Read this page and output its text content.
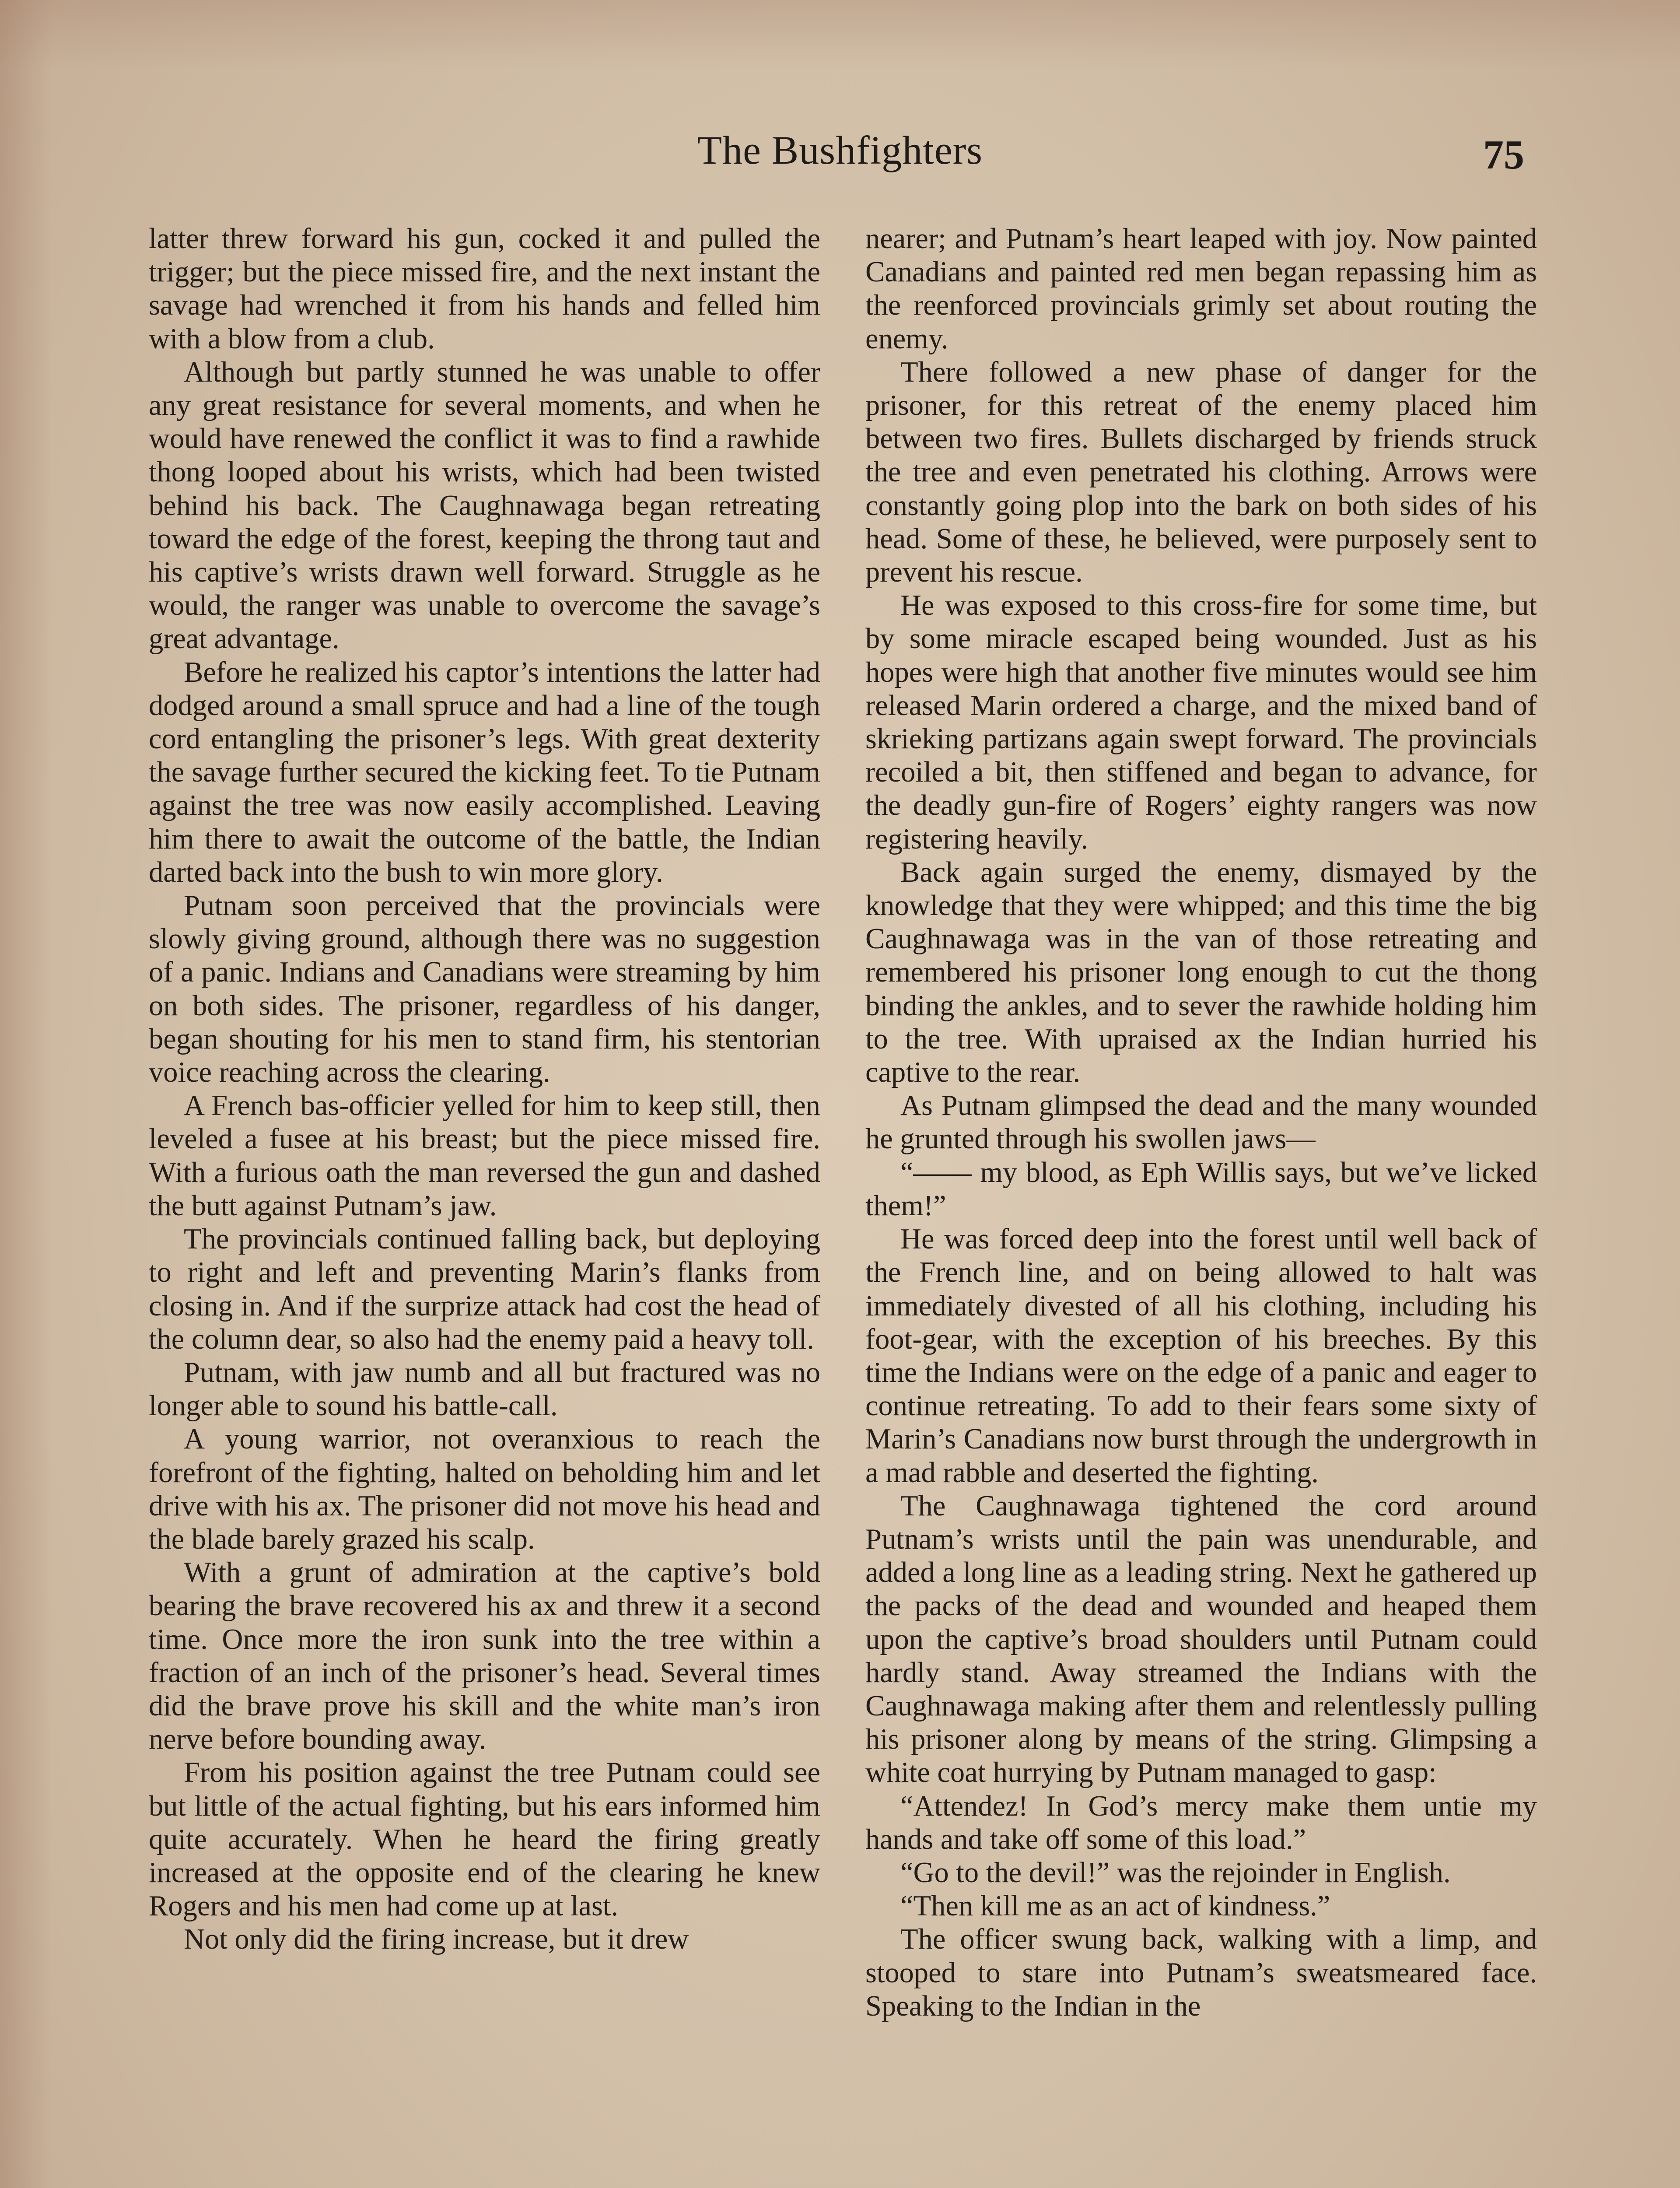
The Bushfighters	75

latter threw forward his gun, cocked it and pulled the trigger; but the piece missed fire, and the next instant the savage had wrenched it from his hands and felled him with a blow from a club.

Although but partly stunned he was unable to offer any great resistance for several moments, and when he would have renewed the conflict it was to find a rawhide thong looped about his wrists, which had been twisted behind his back. The Caughnawaga began retreating toward the edge of the forest, keeping the throng taut and his captive’s wrists drawn well forward. Struggle as he would, the ranger was unable to overcome the savage’s great advantage.

Before he realized his captor’s intentions the latter had dodged around a small spruce and had a line of the tough cord entangling the prisoner’s legs. With great dexterity the savage further secured the kicking feet. To tie Putnam against the tree was now easily accomplished. Leaving him there to await the outcome of the battle, the Indian darted back into the bush to win more glory.

Putnam soon perceived that the provincials were slowly giving ground, although there was no suggestion of a panic. Indians and Canadians were streaming by him on both sides. The prisoner, regardless of his danger, began shouting for his men to stand firm, his stentorian voice reaching across the clearing.

A French bas-officier yelled for him to keep still, then leveled a fusee at his breast; but the piece missed fire. With a furious oath the man reversed the gun and dashed the butt against Putnam’s jaw.

The provincials continued falling back, but deploying to right and left and preventing Marin’s flanks from closing in. And if the surprize attack had cost the head of the column dear, so also had the enemy paid a heavy toll.

Putnam, with jaw numb and all but fractured was no longer able to sound his battle-call.

A young warrior, not overanxious to reach the forefront of the fighting, halted on beholding him and let drive with his ax. The prisoner did not move his head and the blade barely grazed his scalp.

With a grunt of admiration at the captive’s bold bearing the brave recovered his ax and threw it a second time. Once more the iron sunk into the tree within a fraction of an inch of the prisoner’s head. Several times did the brave prove his skill and the white man’s iron nerve before bounding away.

From his position against the tree Putnam could see but little of the actual fighting, but his ears informed him quite accurately. When he heard the firing greatly increased at the opposite end of the clearing he knew Rogers and his men had come up at last.

Not only did the firing increase, but it drew

nearer; and Putnam’s heart leaped with joy. Now painted Canadians and painted red men began repassing him as the reenforced provincials grimly set about routing the enemy.

There followed a new phase of danger for the prisoner, for this retreat of the enemy placed him between two fires. Bullets discharged by friends struck the tree and even penetrated his clothing. Arrows were constantly going plop into the bark on both sides of his head. Some of these, he believed, were purposely sent to prevent his rescue.

He was exposed to this cross-fire for some time, but by some miracle escaped being wounded. Just as his hopes were high that another five minutes would see him released Marin ordered a charge, and the mixed band of skrieking partizans again swept forward. The provincials recoiled a bit, then stiffened and began to advance, for the deadly gun-fire of Rogers’ eighty rangers was now registering heavily.

Back again surged the enemy, dismayed by the knowledge that they were whipped; and this time the big Caughnawaga was in the van of those retreating and remembered his prisoner long enough to cut the thong binding the ankles, and to sever the rawhide holding him to the tree. With upraised ax the Indian hurried his captive to the rear.

As Putnam glimpsed the dead and the many wounded he grunted through his swollen jaws—

“—— my blood, as Eph Willis says, but we’ve licked them!”

He was forced deep into the forest until well back of the French line, and on being allowed to halt was immediately divested of all his clothing, including his foot-gear, with the exception of his breeches. By this time the Indians were on the edge of a panic and eager to continue retreating. To add to their fears some sixty of Marin’s Canadians now burst through the undergrowth in a mad rabble and deserted the fighting.

The Caughnawaga tightened the cord around Putnam’s wrists until the pain was unendurable, and added a long line as a leading string. Next he gathered up the packs of the dead and wounded and heaped them upon the captive’s broad shoulders until Putnam could hardly stand. Away streamed the Indians with the Caughnawaga making after them and relentlessly pulling his prisoner along by means of the string. Glimpsing a white coat hurrying by Putnam managed to gasp:

“Attendez! In God’s mercy make them untie my hands and take off some of this load.”

“Go to the devil!” was the rejoinder in English.

“Then kill me as an act of kindness.”

The officer swung back, walking with a limp, and stooped to stare into Putnam’s sweatsmeared face. Speaking to the Indian in the
